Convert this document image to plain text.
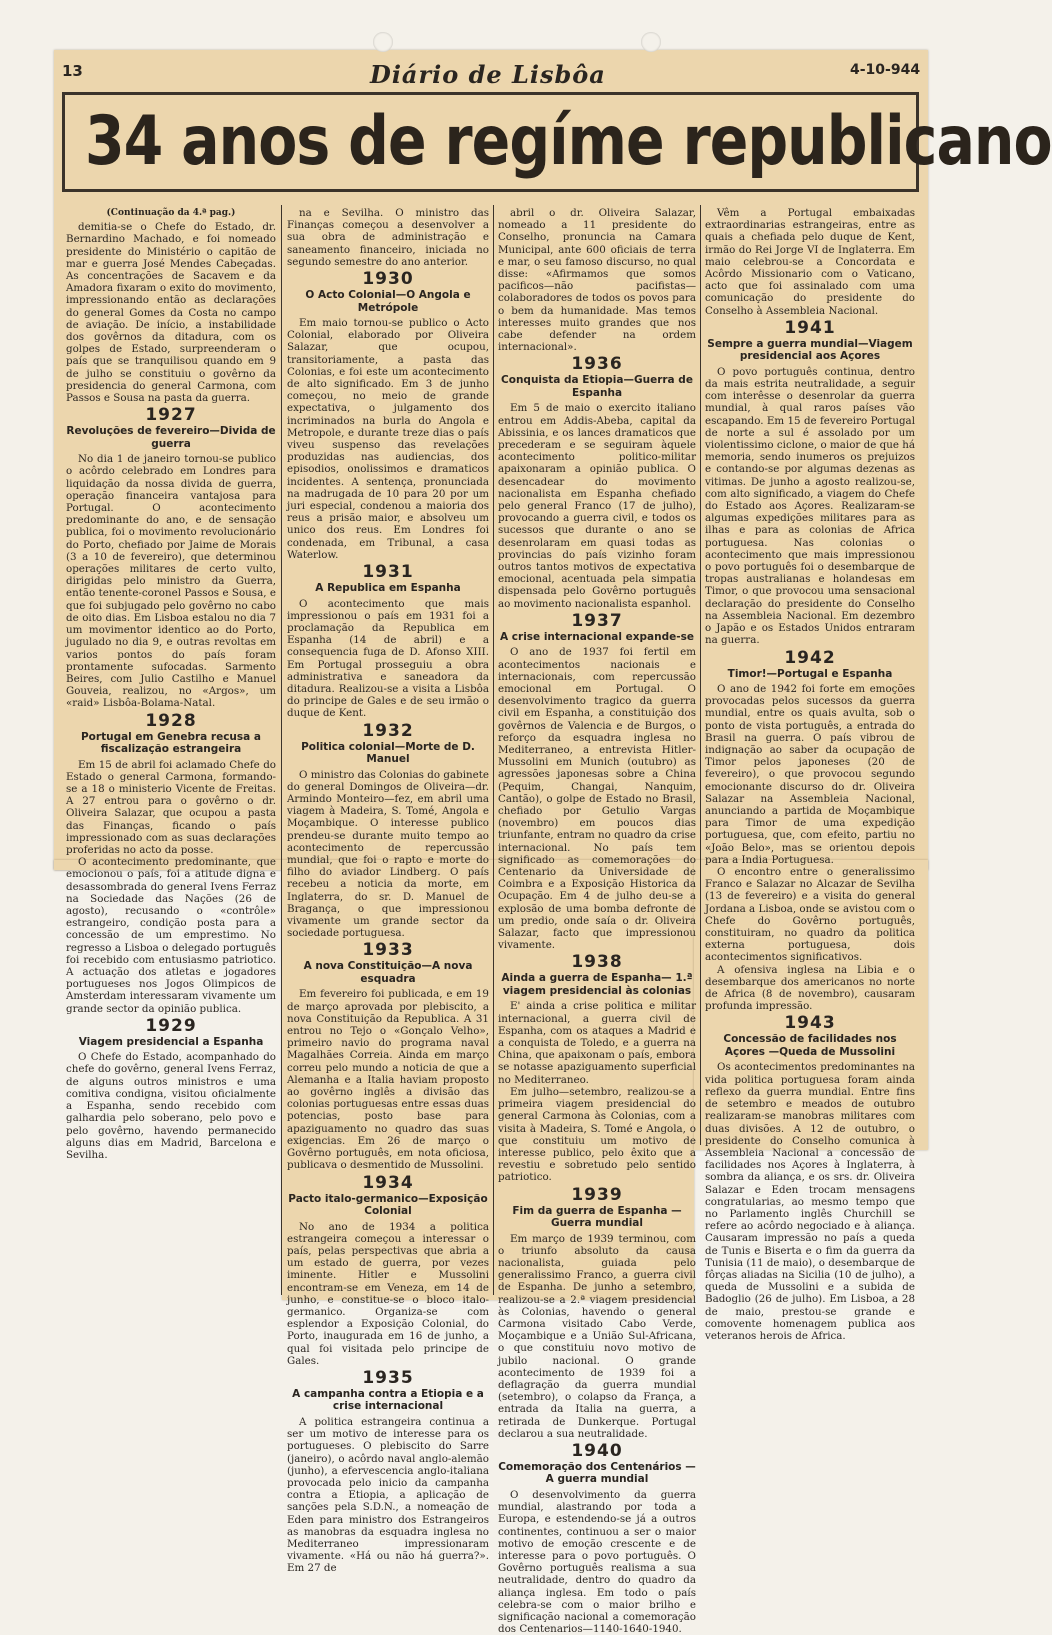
13	Diário de Lisbôa	4-10-944
34 anos de regíme republicano

(Continuação da 4.ª pag.)

demitia-se o Chefe do Estado, dr. Bernardino Machado, e foi nomeado presidente do Ministério o capitão de mar e guerra José Mendes Cabeçadas. As concentrações de Sacavem e da Amadora fixaram o exito do movimento, impressionando então as declarações do general Gomes da Costa no campo de aviação. De início, a instabilidade dos govêrnos da ditadura, com os golpes de Estado, surpreenderam o país que se tranquilisou quando em 9 de julho se constituiu o govêrno da presidencia do general Carmona, com Passos e Sousa na pasta da guerra.

1927
Revoluções de fevereiro—Divida de guerra

No dia 1 de janeiro tornou-se publico o acôrdo celebrado em Londres para liquidação da nossa divida de guerra, operação financeira vantajosa para Portugal. O acontecimento predominante do ano, e de sensação publica, foi o movimento revolucionário do Porto, chefiado por Jaime de Morais (3 a 10 de fevereiro), que determinou operações militares de certo vulto, dirigidas pelo ministro da Guerra, então tenente-coronel Passos e Sousa, e que foi subjugado pelo govêrno no cabo de oito dias. Em Lisboa estalou no dia 7 um movimentor identico ao do Porto, jugulado no dia 9, e outras revoltas em varios pontos do país foram prontamente sufocadas. Sarmento Beires, com Julio Castilho e Manuel Gouveia, realizou, no «Argos», um «raid» Lisbôa-Bolama-Natal.

1928
Portugal em Genebra recusa a fiscalização estrangeira

Em 15 de abril foi aclamado Chefe do Estado o general Carmona, formando-se a 18 o ministerio Vicente de Freitas. A 27 entrou para o govêrno o dr. Oliveira Salazar, que ocupou a pasta das Finanças, ficando o país impressionado com as suas declarações proferidas no acto da posse.

O acontecimento predominante, que emocionou o país, foi a atitude digna e desassombrada do general Ivens Ferraz na Sociedade das Nações (26 de agosto), recusando o «contrôle» estrangeiro, condição posta para a concessão de um emprestimo. No regresso a Lisboa o delegado português foi recebido com entusiasmo patriotico. A actuação dos atletas e jogadores portugueses nos Jogos Olimpicos de Amsterdam interessaram vivamente um grande sector da opinião publica.

1929
Viagem presidencial a Espanha

O Chefe do Estado, acompanhado do chefe do govêrno, general Ivens Ferraz, de alguns outros ministros e uma comitiva condigna, visitou oficialmente a Espanha, sendo recebido com galhardia pelo soberano, pelo povo e pelo govêrno, havendo permanecido alguns dias em Madrid, Barcelona e Sevilha.

na e Sevilha. O ministro das Finanças começou a desenvolver a sua obra de administração e saneamento financeiro, iniciada no segundo semestre do ano anterior.

1930
O Acto Colonial—O Angola e Metrópole

Em maio tornou-se publico o Acto Colonial, elaborado por Oliveira Salazar, que ocupou, transitoriamente, a pasta das Colonias, e foi este um acontecimento de alto significado. Em 3 de junho começou, no meio de grande expectativa, o julgamento dos incriminados na burla do Angola e Metropole, e durante treze dias o país viveu suspenso das revelações produzidas nas audiencias, dos episodios, onolissimos e dramaticos incidentes. A sentença, pronunciada na madrugada de 10 para 20 por um juri especial, condenou a maioria dos reus a prisão maior, e absolveu um unico dos reus. Em Londres foi condenada, em Tribunal, a casa Waterlow.

1931
A Republica em Espanha

O acontecimento que mais impressionou o país em 1931 foi a proclamação da Republica em Espanha (14 de abril) e a consequencia fuga de D. Afonso XIII. Em Portugal prosseguiu a obra administrativa e saneadora da ditadura. Realizou-se a visita a Lisbôa do principe de Gales e de seu irmão o duque de Kent.

1932
Politica colonial—Morte de D. Manuel

O ministro das Colonias do gabinete do general Domingos de Oliveira—dr. Armindo Monteiro—fez, em abril uma viagem à Madeira, S. Tomé, Angola e Moçambique. O interesse publico prendeu-se durante muito tempo ao acontecimento de repercussão mundial, que foi o rapto e morte do filho do aviador Lindberg. O país recebeu a noticia da morte, em Inglaterra, do sr. D. Manuel de Bragança, o que impressionou vivamente um grande sector da sociedade portuguesa.

1933
A nova Constituição—A nova esquadra

Em fevereiro foi publicada, e em 19 de março aprovada por plebiscito, a nova Constituição da Republica. A 31 entrou no Tejo o «Gonçalo Velho», primeiro navio do programa naval Magalhães Correia. Ainda em março correu pelo mundo a noticia de que a Alemanha e a Italia haviam proposto ao govêrno inglês a divisão das colonias portuguesas entre essas duas potencias, posto base para apaziguamento no quadro das suas exigencias. Em 26 de março o Govêrno português, em nota oficiosa, publicava o desmentido de Mussolini.

1934
Pacto italo-germanico—Exposição Colonial

No ano de 1934 a politica estrangeira começou a interessar o país, pelas perspectivas que abria a um estado de guerra, por vezes iminente. Hitler e Mussolini encontram-se em Veneza, em 14 de junho, e constitue-se o bloco italo-germanico. Organiza-se com esplendor a Exposição Colonial, do Porto, inaugurada em 16 de junho, a qual foi visitada pelo principe de Gales.

1935
A campanha contra a Etiopia e a crise internacional

A politica estrangeira continua a ser um motivo de interesse para os portugueses. O plebiscito do Sarre (janeiro), o acôrdo naval anglo-alemão (junho), a efervescencia anglo-italiana provocada pelo inicio da campanha contra a Etiopia, a aplicação de sanções pela S.D.N., a nomeação de Eden para ministro dos Estrangeiros as manobras da esquadra inglesa no Mediterraneo impressionaram vivamente. «Há ou não há guerra?». Em 27 de

abril o dr. Oliveira Salazar, nomeado a 11 presidente do Conselho, pronuncia na Camara Municipal, ante 600 oficiais de terra e mar, o seu famoso discurso, no qual disse: «Afirmamos que somos pacificos—não pacifistas—colaboradores de todos os povos para o bem da humanidade. Mas temos interesses muito grandes que nos cabe defender na ordem internacional».

1936
Conquista da Etiopia—Guerra de Espanha

Em 5 de maio o exercito italiano entrou em Addis-Abeba, capital da Abissinia, e os lances dramaticos que precederam e se seguiram àquele acontecimento politico-militar apaixonaram a opinião publica. O desencadear do movimento nacionalista em Espanha chefiado pelo general Franco (17 de julho), provocando a guerra civil, e todos os sucessos que durante o ano se desenrolaram em quasi todas as provincias do país vizinho foram outros tantos motivos de expectativa emocional, acentuada pela simpatia dispensada pelo Govêrno português ao movimento nacionalista espanhol.

1937
A crise internacional expande-se

O ano de 1937 foi fertil em acontecimentos nacionais e internacionais, com repercussão emocional em Portugal. O desenvolvimento tragico da guerra civil em Espanha, a constituição dos govêrnos de Valencia e de Burgos, o reforço da esquadra inglesa no Mediterraneo, a entrevista Hitler-Mussolini em Munich (outubro) as agressões japonesas sobre a China (Pequim, Changai, Nanquim, Cantão), o golpe de Estado no Brasil, chefiado por Getulio Vargas (novembro) em poucos dias triunfante, entram no quadro da crise internacional. No país tem significado as comemorações do Centenario da Universidade de Coimbra e a Exposição Historica da Ocupação. Em 4 de julho deu-se a explosão de uma bomba defronte de um predio, onde saía o dr. Oliveira Salazar, facto que impressionou vivamente.

1938
Ainda a guerra de Espanha— 1.ª viagem presidencial às colonias

E' ainda a crise politica e militar internacional, a guerra civil de Espanha, com os ataques a Madrid e a conquista de Toledo, e a guerra na China, que apaixonam o país, embora se notasse apaziguamento superficial no Mediterraneo.

Em julho—setembro, realizou-se a primeira viagem presidencial do general Carmona às Colonias, com a visita à Madeira, S. Tomé e Angola, o que constituiu um motivo de interesse publico, pelo êxito que a revestiu e sobretudo pelo sentido patriotico.

1939
Fim da guerra de Espanha — Guerra mundial

Em março de 1939 terminou, com o triunfo absoluto da causa nacionalista, guiada pelo generalissimo Franco, a guerra civil de Espanha. De junho a setembro, realizou-se a 2.ª viagem presidencial às Colonias, havendo o general Carmona visitado Cabo Verde, Moçambique e a União Sul-Africana, o que constituiu novo motivo de jubilo nacional. O grande acontecimento de 1939 foi a deflagração da guerra mundial (setembro), o colapso da França, a entrada da Italia na guerra, a retirada de Dunkerque. Portugal declarou a sua neutralidade.

1940
Comemoração dos Centenários — A guerra mundial

O desenvolvimento da guerra mundial, alastrando por toda a Europa, e estendendo-se já a outros continentes, continuou a ser o maior motivo de emoção crescente e de interesse para o povo português. O Govêrno português realisma a sua neutralidade, dentro do quadro da aliança inglesa. Em todo o país celebra-se com o maior brilho e significação nacional a comemoração dos Centenarios—1140-1640-1940.

Vêm a Portugal embaixadas extraordinarias estrangeiras, entre as quais a chefiada pelo duque de Kent, irmão do Rei Jorge VI de Inglaterra. Em maio celebrou-se a Concordata e Acôrdo Missionario com o Vaticano, acto que foi assinalado com uma comunicação do presidente do Conselho à Assembleia Nacional.

1941
Sempre a guerra mundial—Viagem presidencial aos Açores

O povo português continua, dentro da mais estrita neutralidade, a seguir com interêsse o desenrolar da guerra mundial, à qual raros países vão escapando. Em 15 de fevereiro Portugal de norte a sul é assolado por um violentissimo ciclone, o maior de que há memoria, sendo inumeros os prejuizos e contando-se por algumas dezenas as vitimas. De junho a agosto realizou-se, com alto significado, a viagem do Chefe do Estado aos Açores. Realizaram-se algumas expedições militares para as ilhas e para as colonias de Africa portuguesa. Nas colonias o acontecimento que mais impressionou o povo português foi o desembarque de tropas australianas e holandesas em Timor, o que provocou uma sensacional declaração do presidente do Conselho na Assembleia Nacional. Em dezembro o Japão e os Estados Unidos entraram na guerra.

1942
Timor!—Portugal e Espanha

O ano de 1942 foi forte em emoções provocadas pelos sucessos da guerra mundial, entre os quais avulta, sob o ponto de vista português, a entrada do Brasil na guerra. O país vibrou de indignação ao saber da ocupação de Timor pelos japoneses (20 de fevereiro), o que provocou segundo emocionante discurso do dr. Oliveira Salazar na Assembleia Nacional, anunciando a partida de Moçambique para Timor de uma expedição portuguesa, que, com efeito, partiu no «João Belo», mas se orientou depois para a India Portuguesa.

O encontro entre o generalissimo Franco e Salazar no Alcazar de Sevilha (13 de fevereiro) e a visita do general Jordana a Lisboa, onde se avistou com o Chefe do Govêrno português, constituiram, no quadro da politica externa portuguesa, dois acontecimentos significativos.

A ofensiva inglesa na Libia e o desembarque dos americanos no norte de Africa (8 de novembro), causaram profunda impressão.

1943
Concessão de facilidades nos Açores —Queda de Mussolini

Os acontecimentos predominantes na vida politica portuguesa foram ainda reflexo da guerra mundial. Entre fins de setembro e meados de outubro realizaram-se manobras militares com duas divisões. A 12 de outubro, o presidente do Conselho comunica à Assembleia Nacional a concessão de facilidades nos Açores à Inglaterra, à sombra da aliança, e os srs. dr. Oliveira Salazar e Eden trocam mensagens congratularias, ao mesmo tempo que no Parlamento inglês Churchill se refere ao acôrdo negociado e à aliança. Causaram impressão no país a queda de Tunis e Biserta e o fim da guerra da Tunisia (11 de maio), o desembarque de fôrças aliadas na Sicilia (10 de julho), a queda de Mussolini e a subida de Badoglio (26 de julho). Em Lisboa, a 28 de maio, prestou-se grande e comovente homenagem publica aos veteranos herois de Africa.
